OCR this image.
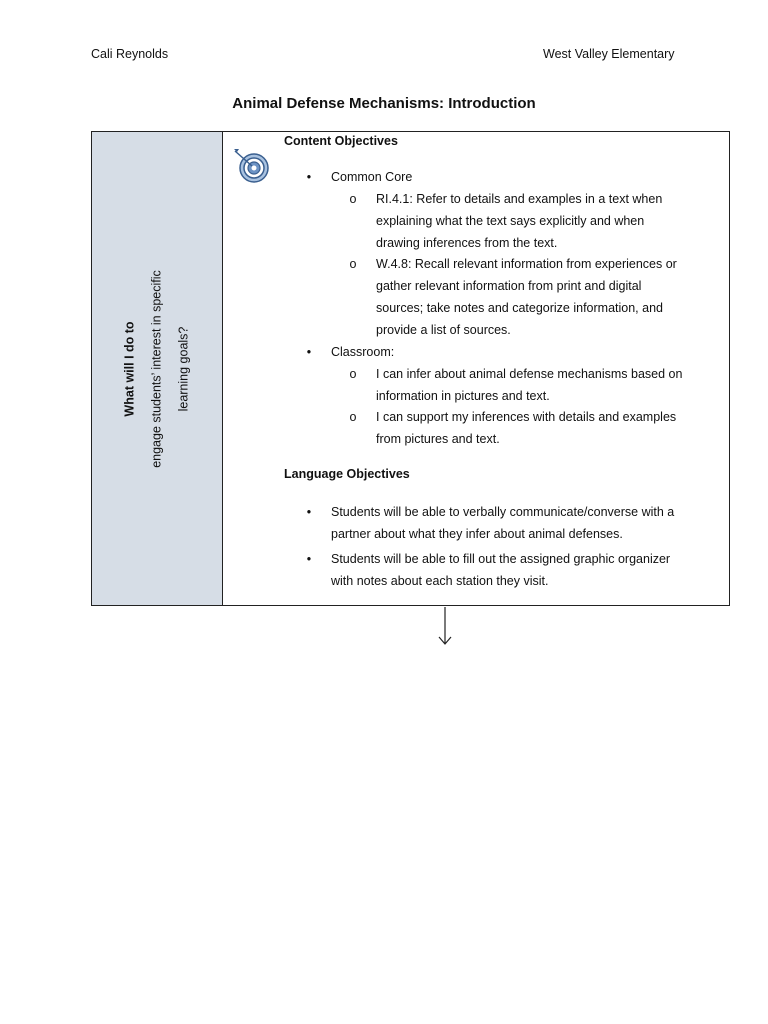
Cali Reynolds	West Valley Elementary
Animal Defense Mechanisms: Introduction
What will I do to	engage students’ interest in specific	learning goals?
Content Objectives
•	Common Core
o RI.4.1: Refer to details and examples in a text when
explaining what the text says explicitly and when
drawing inferences from the text.
o W.4.8: Recall relevant information from experiences or
gather relevant information from print and digital
sources; take notes and categorize information, and
provide a list of sources.
•	Classroom:
o I can infer about animal defense mechanisms based on
information in pictures and text.
o I can support my inferences with details and examples
from pictures and text.
Language Objectives
•	Students will be able to verbally communicate/converse with a
partner about what they infer about animal defenses.
•	Students will be able to fill out the assigned graphic organizer
with notes about each station they visit.
